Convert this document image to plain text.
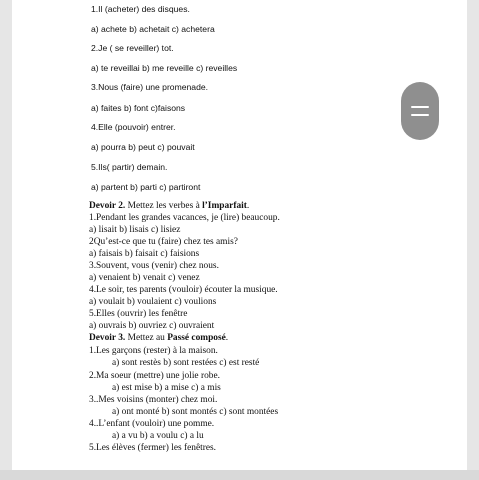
1.Il (acheter) des disques.
a) achete b) achetait c) achetera
2.Je ( se reveiller) tot.
a) te reveillai b) me reveille c) reveilles
3.Nous (faire) une promenade.
a) faites b) font c)faisons
4.Elle (pouvoir) entrer.
a) pourra b) peut c) pouvait
5.Ils( partir) demain.
a) partent b) parti c) partiront
Devoir 2. Mettez les verbes à l’Imparfait.
1.Pendant les grandes vacances, je (lire) beaucoup.
a) lisait b) lisais c) lisiez
2Qu’est-ce que tu (faire) chez tes amis?
a) faisais b) faisait c) faisions
3.Souvent, vous (venir) chez nous.
a) venaient b) venait c) venez
4.Le soir, tes parents (vouloir) écouter la musique.
a) voulait b) voulaient c) voulions
5.Elles (ouvrir) les fenêtre
a) ouvrais b) ouvriez c) ouvraient
Devoir 3. Mettez au Passé composé.
1.Les garçons (rester) à la maison.
a) sont restès b) sont restées c) est resté
2.Ma soeur (mettre) une jolie robe.
a) est mise b) a mise c) a mis
3..Mes voisins (monter) chez moi.
a) ont monté b) sont montés c) sont montées
4..L’enfant (vouloir) une pomme.
a) a vu b) a voulu c) a lu
5.Les élèves (fermer) les fenêtres.
